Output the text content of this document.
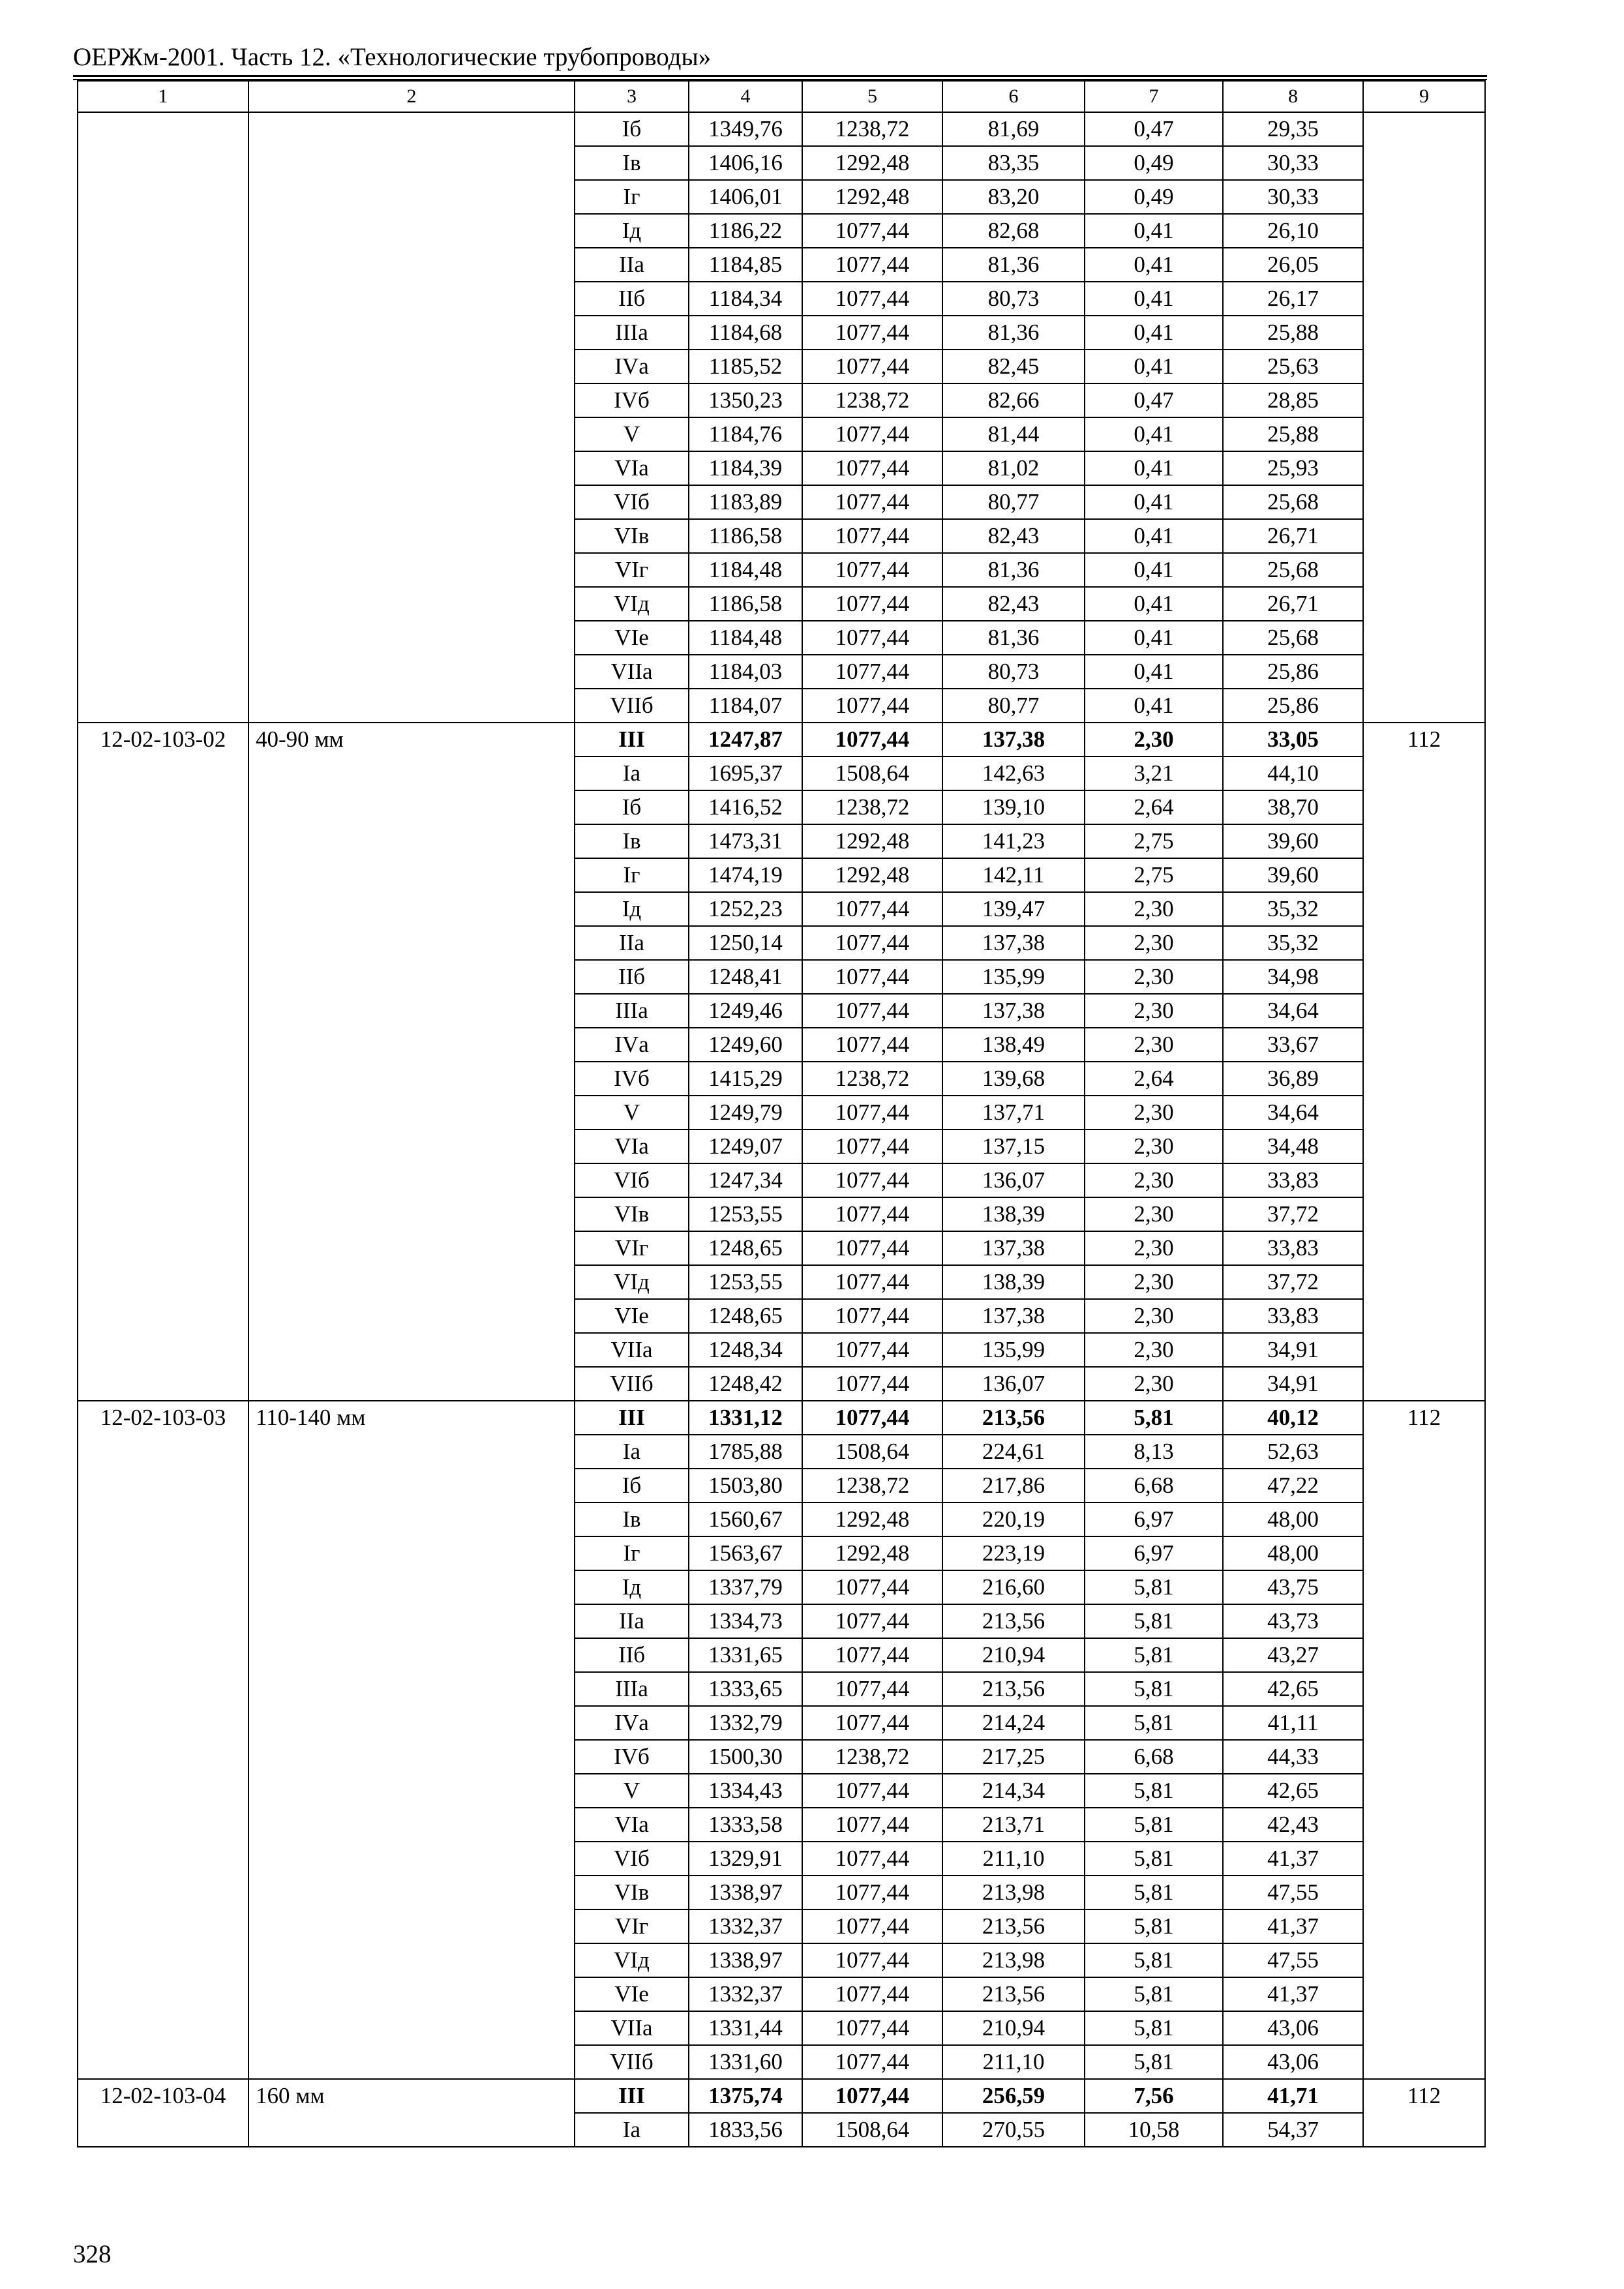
ОЕРЖм-2001. Часть 12. «Технологические трубопроводы»
1	2	3	4	5	6	7	8	9
		Iб	1349,76	1238,72	81,69	0,47	29,35	
		Iв	1406,16	1292,48	83,35	0,49	30,33	
		Iг	1406,01	1292,48	83,20	0,49	30,33	
		Iд	1186,22	1077,44	82,68	0,41	26,10	
		IIа	1184,85	1077,44	81,36	0,41	26,05	
		IIб	1184,34	1077,44	80,73	0,41	26,17	
		IIIа	1184,68	1077,44	81,36	0,41	25,88	
		IVа	1185,52	1077,44	82,45	0,41	25,63	
		IVб	1350,23	1238,72	82,66	0,47	28,85	
		V	1184,76	1077,44	81,44	0,41	25,88	
		VIа	1184,39	1077,44	81,02	0,41	25,93	
		VIб	1183,89	1077,44	80,77	0,41	25,68	
		VIв	1186,58	1077,44	82,43	0,41	26,71	
		VIг	1184,48	1077,44	81,36	0,41	25,68	
		VIд	1186,58	1077,44	82,43	0,41	26,71	
		VIе	1184,48	1077,44	81,36	0,41	25,68	
		VIIа	1184,03	1077,44	80,73	0,41	25,86	
		VIIб	1184,07	1077,44	80,77	0,41	25,86	
12-02-103-02	40-90 мм	III	1247,87	1077,44	137,38	2,30	33,05	112
		Iа	1695,37	1508,64	142,63	3,21	44,10	
		Iб	1416,52	1238,72	139,10	2,64	38,70	
		Iв	1473,31	1292,48	141,23	2,75	39,60	
		Iг	1474,19	1292,48	142,11	2,75	39,60	
		Iд	1252,23	1077,44	139,47	2,30	35,32	
		IIа	1250,14	1077,44	137,38	2,30	35,32	
		IIб	1248,41	1077,44	135,99	2,30	34,98	
		IIIа	1249,46	1077,44	137,38	2,30	34,64	
		IVа	1249,60	1077,44	138,49	2,30	33,67	
		IVб	1415,29	1238,72	139,68	2,64	36,89	
		V	1249,79	1077,44	137,71	2,30	34,64	
		VIа	1249,07	1077,44	137,15	2,30	34,48	
		VIб	1247,34	1077,44	136,07	2,30	33,83	
		VIв	1253,55	1077,44	138,39	2,30	37,72	
		VIг	1248,65	1077,44	137,38	2,30	33,83	
		VIд	1253,55	1077,44	138,39	2,30	37,72	
		VIе	1248,65	1077,44	137,38	2,30	33,83	
		VIIа	1248,34	1077,44	135,99	2,30	34,91	
		VIIб	1248,42	1077,44	136,07	2,30	34,91	
12-02-103-03	110-140 мм	III	1331,12	1077,44	213,56	5,81	40,12	112
		Iа	1785,88	1508,64	224,61	8,13	52,63	
		Iб	1503,80	1238,72	217,86	6,68	47,22	
		Iв	1560,67	1292,48	220,19	6,97	48,00	
		Iг	1563,67	1292,48	223,19	6,97	48,00	
		Iд	1337,79	1077,44	216,60	5,81	43,75	
		IIа	1334,73	1077,44	213,56	5,81	43,73	
		IIб	1331,65	1077,44	210,94	5,81	43,27	
		IIIа	1333,65	1077,44	213,56	5,81	42,65	
		IVа	1332,79	1077,44	214,24	5,81	41,11	
		IVб	1500,30	1238,72	217,25	6,68	44,33	
		V	1334,43	1077,44	214,34	5,81	42,65	
		VIа	1333,58	1077,44	213,71	5,81	42,43	
		VIб	1329,91	1077,44	211,10	5,81	41,37	
		VIв	1338,97	1077,44	213,98	5,81	47,55	
		VIг	1332,37	1077,44	213,56	5,81	41,37	
		VIд	1338,97	1077,44	213,98	5,81	47,55	
		VIе	1332,37	1077,44	213,56	5,81	41,37	
		VIIа	1331,44	1077,44	210,94	5,81	43,06	
		VIIб	1331,60	1077,44	211,10	5,81	43,06	
12-02-103-04	160 мм	III	1375,74	1077,44	256,59	7,56	41,71	112
		Iа	1833,56	1508,64	270,55	10,58	54,37	
328
